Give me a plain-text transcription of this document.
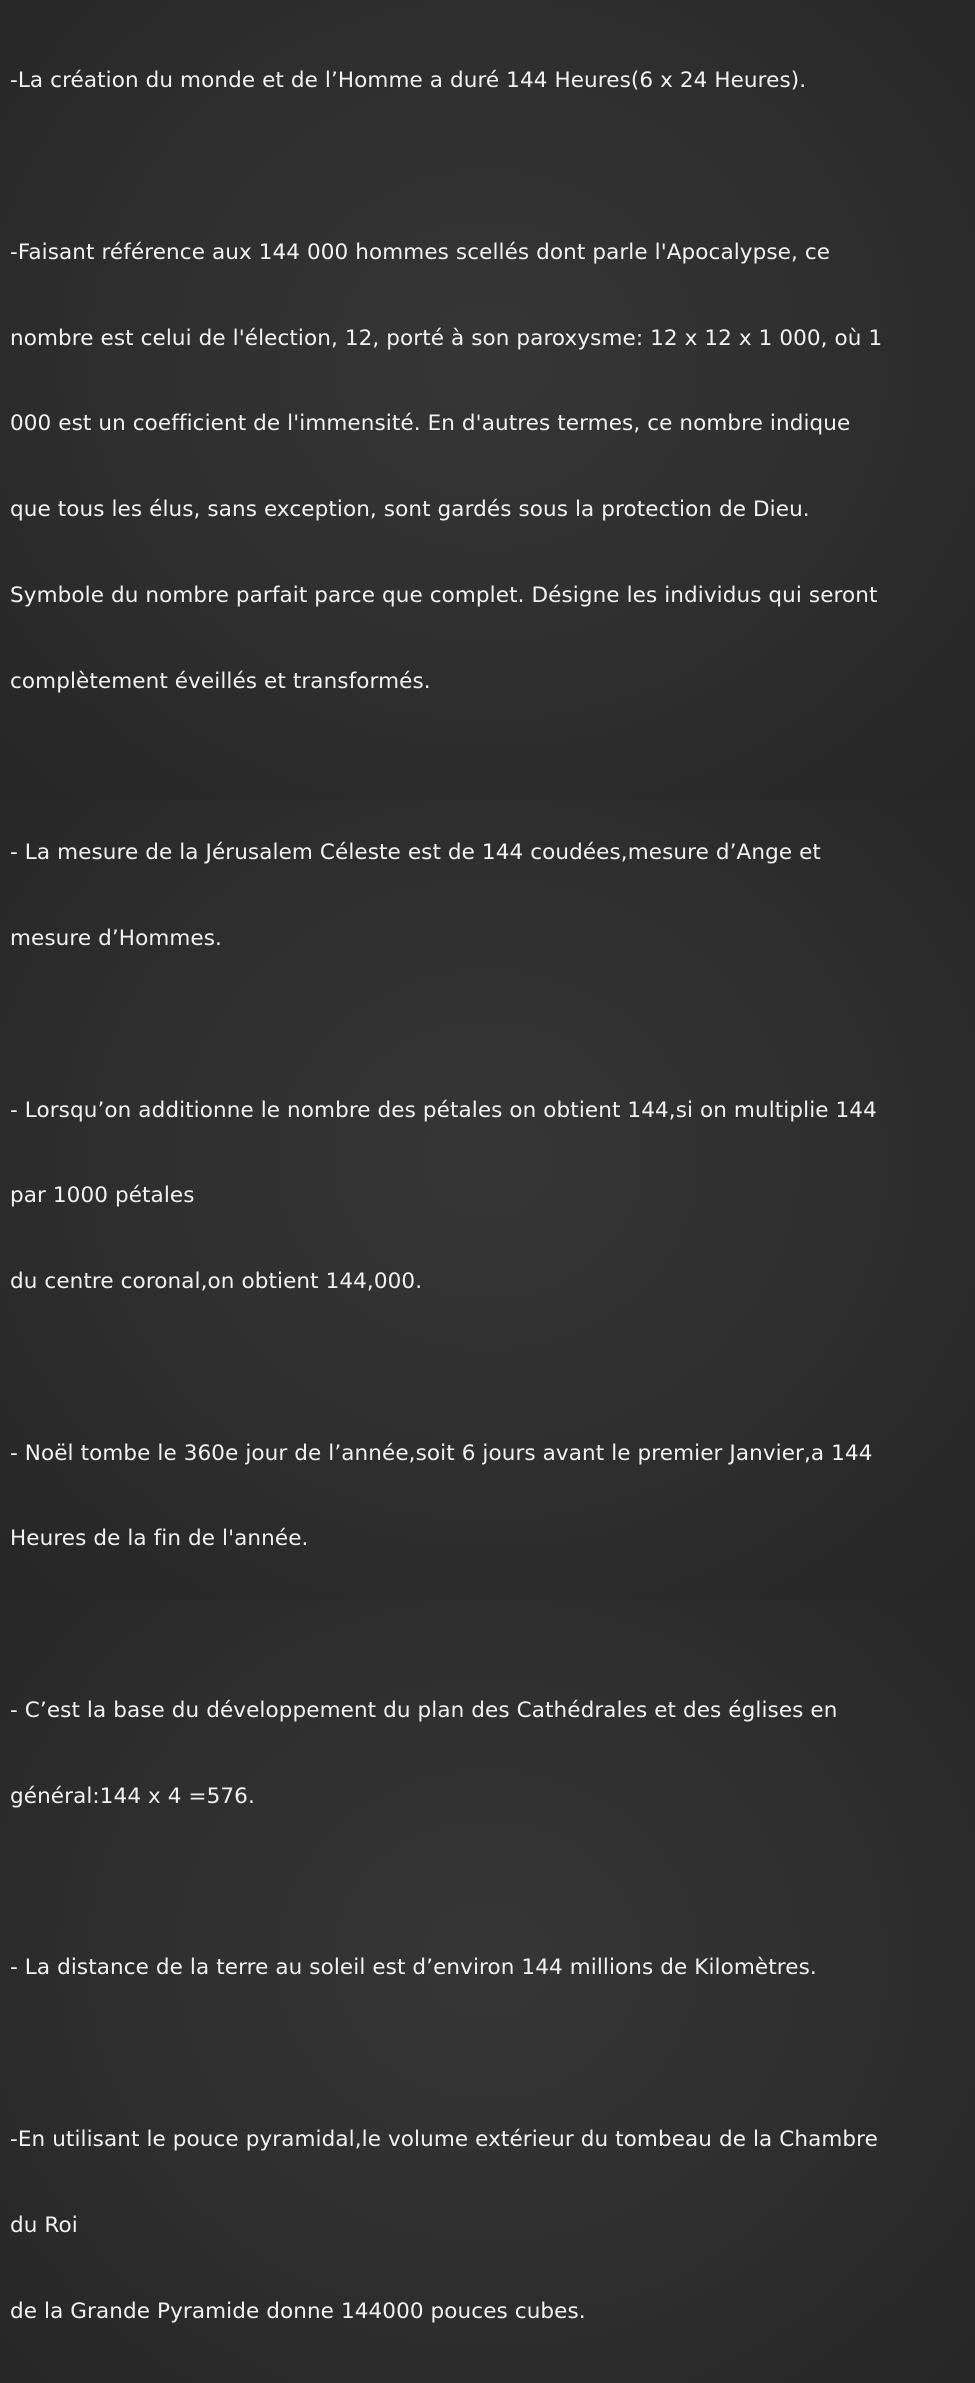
-La création du monde et de l’Homme a duré 144 Heures(6 x 24 Heures).

-Faisant référence aux 144 000 hommes scellés dont parle l'Apocalypse, ce

nombre est celui de l'élection, 12, porté à son paroxysme: 12 x 12 x 1 000, où 1

000 est un coefficient de l'immensité. En d'autres termes, ce nombre indique

que tous les élus, sans exception, sont gardés sous la protection de Dieu.

Symbole du nombre parfait parce que complet. Désigne les individus qui seront

complètement éveillés et transformés.

- La mesure de la Jérusalem Céleste est de 144 coudées,mesure d’Ange et

mesure d’Hommes.

- Lorsqu’on additionne le nombre des pétales on obtient 144,si on multiplie 144

par 1000 pétales

du centre coronal,on obtient 144,000.

- Noël tombe le 360e jour de l’année,soit 6 jours avant le premier Janvier,a 144

Heures de la fin de l'année.

- C’est la base du développement du plan des Cathédrales et des églises en

général:144 x 4 =576.

- La distance de la terre au soleil est d’environ 144 millions de Kilomètres.

-En utilisant le pouce pyramidal,le volume extérieur du tombeau de la Chambre

du Roi

de la Grande Pyramide donne 144000 pouces cubes.
